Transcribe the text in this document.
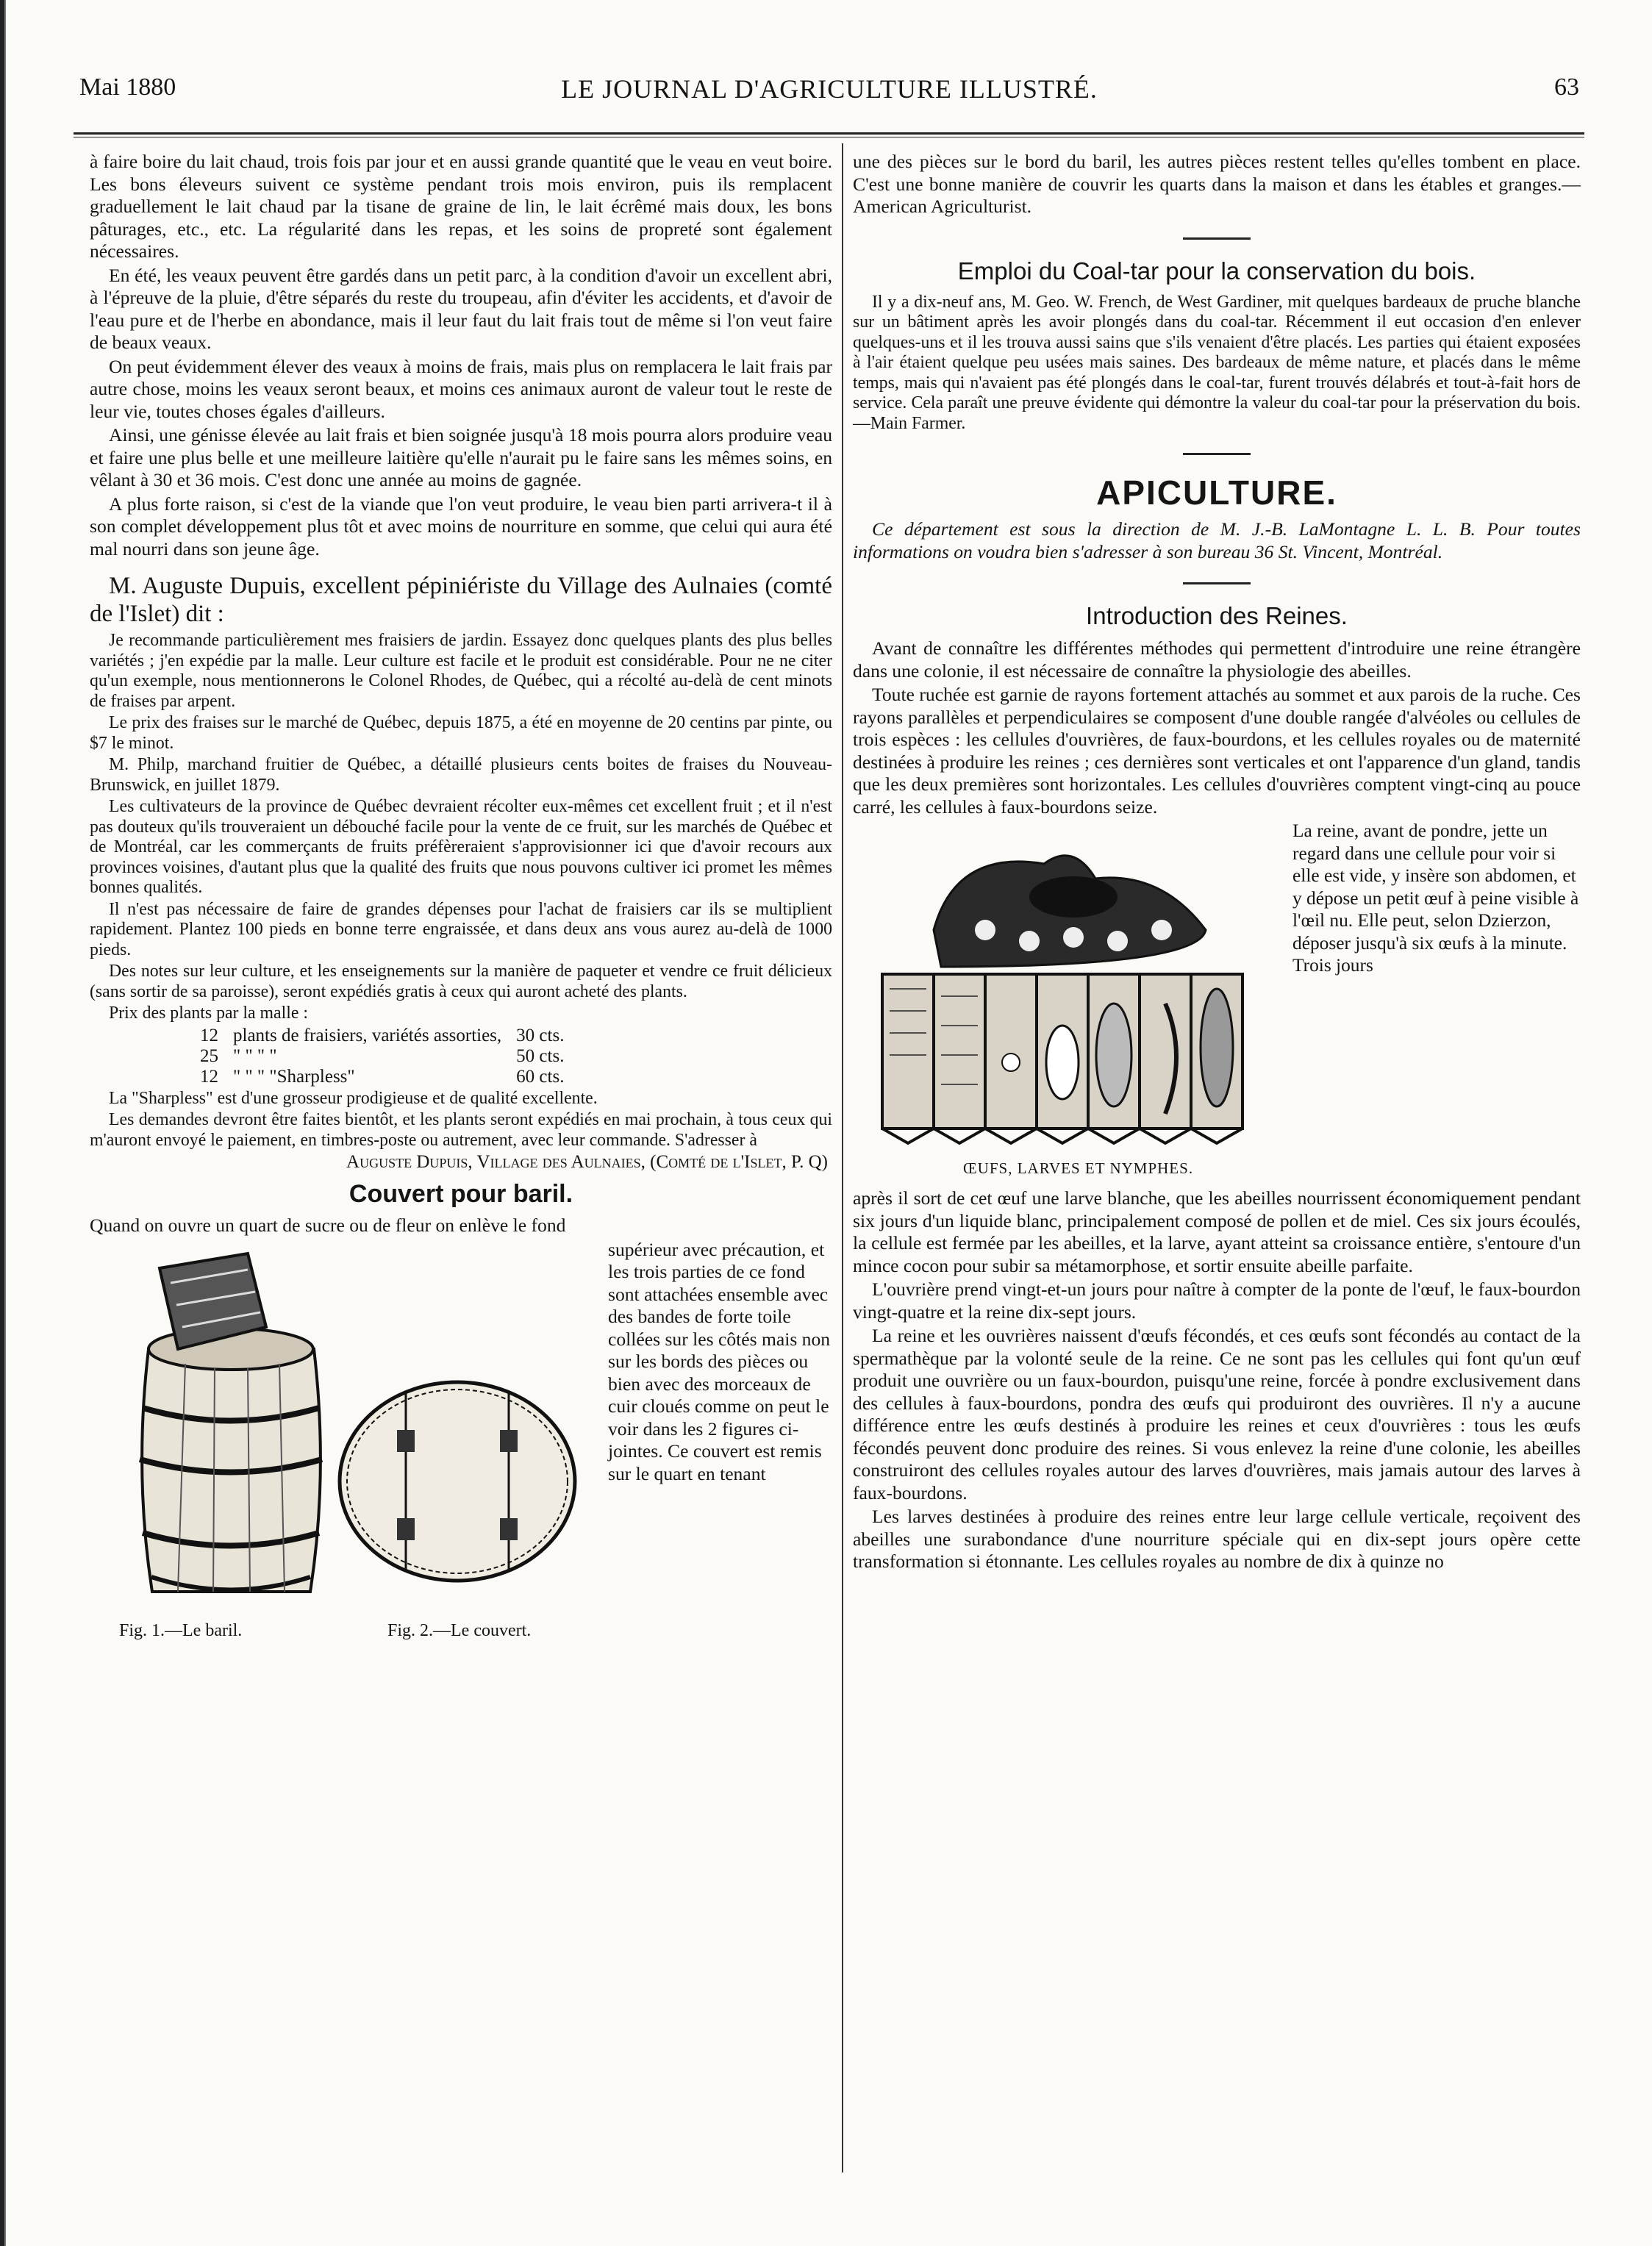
Mai 1880	LE JOURNAL D'AGRICULTURE ILLUSTRÉ.	63

à faire boire du lait chaud, trois fois par jour et en aussi grande quantité que le veau en veut boire. Les bons éleveurs suivent ce système pendant trois mois environ, puis ils remplacent graduellement le lait chaud par la tisane de graine de lin, le lait écrêmé mais doux, les bons pâturages, etc., etc. La régularité dans les repas, et les soins de propreté sont également nécessaires.

En été, les veaux peuvent être gardés dans un petit parc, à la condition d'avoir un excellent abri, à l'épreuve de la pluie, d'être séparés du reste du troupeau, afin d'éviter les accidents, et d'avoir de l'eau pure et de l'herbe en abondance, mais il leur faut du lait frais tout de même si l'on veut faire de beaux veaux.

On peut évidemment élever des veaux à moins de frais, mais plus on remplacera le lait frais par autre chose, moins les veaux seront beaux, et moins ces animaux auront de valeur tout le reste de leur vie, toutes choses égales d'ailleurs.

Ainsi, une génisse élevée au lait frais et bien soignée jusqu'à 18 mois pourra alors produire veau et faire une plus belle et une meilleure laitière qu'elle n'aurait pu le faire sans les mêmes soins, en vêlant à 30 et 36 mois. C'est donc une année au moins de gagnée.

A plus forte raison, si c'est de la viande que l'on veut produire, le veau bien parti arrivera-t il à son complet développement plus tôt et avec moins de nourriture en somme, que celui qui aura été mal nourri dans son jeune âge.

M. Auguste Dupuis, excellent pépiniériste du Village des Aulnaies (comté de l'Islet) dit :

Je recommande particulièrement mes fraisiers de jardin. Essayez donc quelques plants des plus belles variétés ; j'en expédie par la malle. Leur culture est facile et le produit est considérable. Pour ne ne citer qu'un exemple, nous mentionnerons le Colonel Rhodes, de Québec, qui a récolté au-delà de cent minots de fraises par arpent.

Le prix des fraises sur le marché de Québec, depuis 1875, a été en moyenne de 20 centins par pinte, ou $7 le minot.

M. Philp, marchand fruitier de Québec, a détaillé plusieurs cents boites de fraises du Nouveau-Brunswick, en juillet 1879.

Les cultivateurs de la province de Québec devraient récolter eux-mêmes cet excellent fruit ; et il n'est pas douteux qu'ils trouveraient un débouché facile pour la vente de ce fruit, sur les marchés de Québec et de Montréal, car les commerçants de fruits préfèreraient s'approvisionner ici que d'avoir recours aux provinces voisines, d'autant plus que la qualité des fruits que nous pouvons cultiver ici promet les mêmes bonnes qualités.

Il n'est pas nécessaire de faire de grandes dépenses pour l'achat de fraisiers car ils se multiplient rapidement. Plantez 100 pieds en bonne terre engraissée, et dans deux ans vous aurez au-delà de 1000 pieds.

Des notes sur leur culture, et les enseignements sur la manière de paqueter et vendre ce fruit délicieux (sans sortir de sa paroisse), seront expédiés gratis à ceux qui auront acheté des plants.

Prix des plants par la malle :

12	plants de fraisiers, variétés assorties,	30 cts.
25	" " " "	50 cts.
12	" " " "Sharpless"	60 cts.

La "Sharpless" est d'une grosseur prodigieuse et de qualité excellente.

Les demandes devront être faites bientôt, et les plants seront expédiés en mai prochain, à tous ceux qui m'auront envoyé le paiement, en timbres-poste ou autrement, avec leur commande. S'adresser à

Auguste Dupuis, Village des Aulnaies, (Comté de l'Islet, P. Q)
Couvert pour baril.

Quand on ouvre un quart de sucre ou de fleur on enlève le fond

Fig. 1.—Le baril.	Fig. 2.—Le couvert.

supérieur avec précaution, et les trois parties de ce fond sont attachées ensemble avec des bandes de forte toile collées sur les côtés mais non sur les bords des pièces ou bien avec des morceaux de cuir cloués comme on peut le voir dans les 2 figures ci-jointes. Ce couvert est remis sur le quart en tenant

une des pièces sur le bord du baril, les autres pièces restent telles qu'elles tombent en place. C'est une bonne manière de couvrir les quarts dans la maison et dans les étables et granges.—American Agriculturist.

Emploi du Coal-tar pour la conservation du bois.

Il y a dix-neuf ans, M. Geo. W. French, de West Gardiner, mit quelques bardeaux de pruche blanche sur un bâtiment après les avoir plongés dans du coal-tar. Récemment il eut occasion d'en enlever quelques-uns et il les trouva aussi sains que s'ils venaient d'être placés. Les parties qui étaient exposées à l'air étaient quelque peu usées mais saines. Des bardeaux de même nature, et placés dans le même temps, mais qui n'avaient pas été plongés dans le coal-tar, furent trouvés délabrés et tout-à-fait hors de service. Cela paraît une preuve évidente qui démontre la valeur du coal-tar pour la préservation du bois.—Main Farmer.

APICULTURE.

Ce département est sous la direction de M. J.-B. LaMontagne L. L. B. Pour toutes informations on voudra bien s'adresser à son bureau 36 St. Vincent, Montréal.

Introduction des Reines.

Avant de connaître les différentes méthodes qui permettent d'introduire une reine étrangère dans une colonie, il est nécessaire de connaître la physiologie des abeilles.

Toute ruchée est garnie de rayons fortement attachés au sommet et aux parois de la ruche. Ces rayons parallèles et perpendiculaires se composent d'une double rangée d'alvéoles ou cellules de trois espèces : les cellules d'ouvrières, de faux-bourdons, et les cellules royales ou de maternité destinées à produire les reines ; ces dernières sont verticales et ont l'apparence d'un gland, tandis que les deux premières sont horizontales. Les cellules d'ouvrières comptent vingt-cinq au pouce carré, les cellules à faux-bourdons seize.

ŒUFS, LARVES ET NYMPHES.

La reine, avant de pondre, jette un regard dans une cellule pour voir si elle est vide, y insère son abdomen, et y dépose un petit œuf à peine visible à l'œil nu. Elle peut, selon Dzierzon, déposer jusqu'à six œufs à la minute. Trois jours

après il sort de cet œuf une larve blanche, que les abeilles nourrissent économiquement pendant six jours d'un liquide blanc, principalement composé de pollen et de miel. Ces six jours écoulés, la cellule est fermée par les abeilles, et la larve, ayant atteint sa croissance entière, s'entoure d'un mince cocon pour subir sa métamorphose, et sortir ensuite abeille parfaite.

L'ouvrière prend vingt-et-un jours pour naître à compter de la ponte de l'œuf, le faux-bourdon vingt-quatre et la reine dix-sept jours.

La reine et les ouvrières naissent d'œufs fécondés, et ces œufs sont fécondés au contact de la spermathèque par la volonté seule de la reine. Ce ne sont pas les cellules qui font qu'un œuf produit une ouvrière ou un faux-bourdon, puisqu'une reine, forcée à pondre exclusivement dans des cellules à faux-bourdons, pondra des œufs qui produiront des ouvrières. Il n'y a aucune différence entre les œufs destinés à produire les reines et ceux d'ouvrières : tous les œufs fécondés peuvent donc produire des reines. Si vous enlevez la reine d'une colonie, les abeilles construiront des cellules royales autour des larves d'ouvrières, mais jamais autour des larves à faux-bourdons.

Les larves destinées à produire des reines entre leur large cellule verticale, reçoivent des abeilles une surabondance d'une nourriture spéciale qui en dix-sept jours opère cette transformation si étonnante. Les cellules royales au nombre de dix à quinze no
